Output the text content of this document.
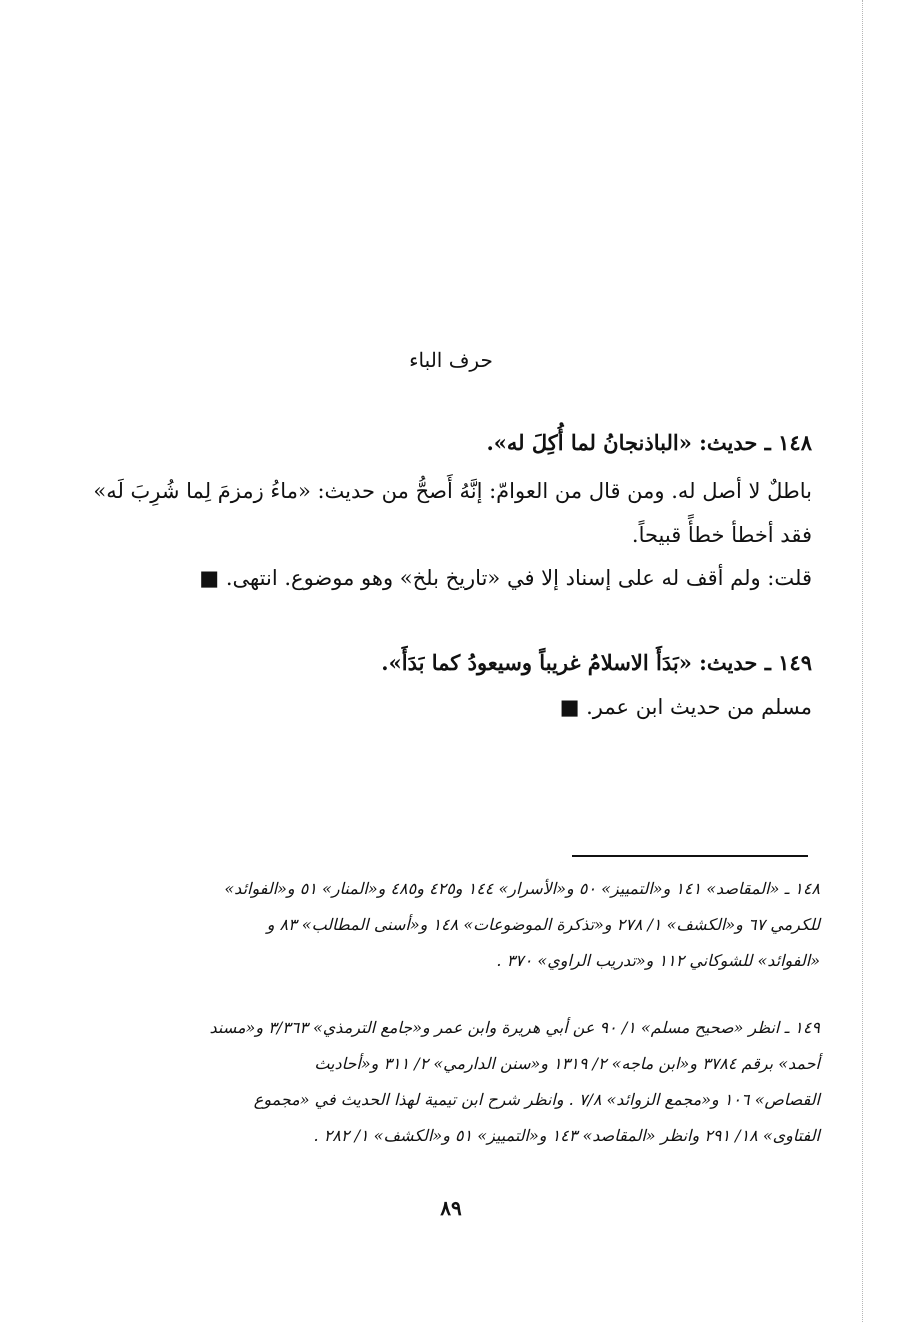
حرف الباء

١٤٨ ـ حديث: «الباذنجانُ لما أُكِلَ له».

باطلٌ لا أصل له. ومن قال من العوامّ: إنَّهُ أَصحُّ من حديث: «ماءُ زمزمَ لِما شُرِبَ لَه»

فقد أخطأ خطأً قبيحاً.

قلت: ولم أقف له على إسناد إلا في «تاريخ بلخ» وهو موضوع. انتهى. ■

١٤٩ ـ حديث: «بَدَأَ الاسلامُ غريباً وسيعودُ كما بَدَأَ».

مسلم من حديث ابن عمر. ■

١٤٨ ـ «المقاصد» ١٤١ و«التمييز» ٥٠ و«الأسرار» ١٤٤ و٤٢٥ و٤٨٥ و«المنار» ٥١ و«الفوائد»

للكرمي ٦٧ و«الكشف» ١/ ٢٧٨ و«تذكرة الموضوعات» ١٤٨ و«أسنى المطالب» ٨٣ و

«الفوائد» للشوكاني ١١٢ و«تدريب الراوي» ٣٧٠ .

١٤٩ ـ انظر «صحيح مسلم» ١/ ٩٠ عن أبي هريرة وابن عمر و«جامع الترمذي» ٣/٣٦٣ و«مسند

أحمد» برقم ٣٧٨٤ و«ابن ماجه» ٢/ ١٣١٩ و«سنن الدارمي» ٢/ ٣١١ و«أحاديث

القصاص» ١٠٦ و«مجمع الزوائد» ٧/٨ . وانظر شرح ابن تيمية لهذا الحديث في «مجموع

الفتاوى» ١٨/ ٢٩١ وانظر «المقاصد» ١٤٣ و«التمييز» ٥١ و«الكشف» ١/ ٢٨٢ .

٨٩
